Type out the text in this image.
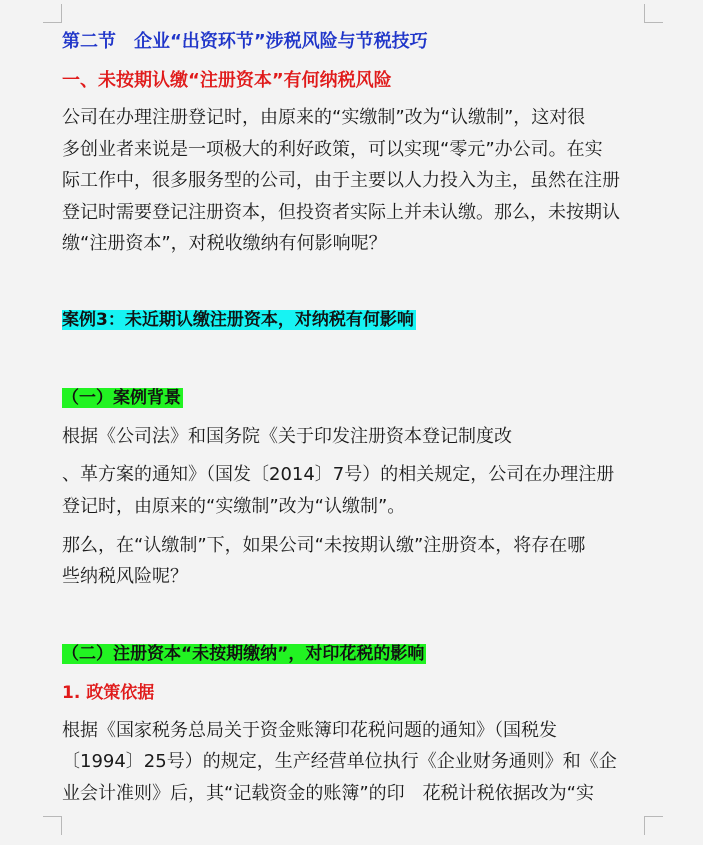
第二节　企业“出资环节”涉税风险与节税技巧
一、未按期认缴“注册资本”有何纳税风险
公司在办理注册登记时，由原来的“实缴制”改为“认缴制”，这对很
多创业者来说是一项极大的利好政策，可以实现“零元”办公司。在实
际工作中，很多服务型的公司，由于主要以人力投入为主，虽然在注册
登记时需要登记注册资本，但投资者实际上并未认缴。那么，未按期认
缴“注册资本”，对税收缴纳有何影响呢？
案例3：未近期认缴注册资本，对纳税有何影响
（一）案例背景
根据《公司法》和国务院《关于印发注册资本登记制度改
、革方案的通知》（国发〔2014〕7号）的相关规定，公司在办理注册
登记时，由原来的“实缴制”改为“认缴制”。
那么，在“认缴制”下，如果公司“未按期认缴”注册资本，将存在哪
些纳税风险呢？
（二）注册资本“未按期缴纳”，对印花税的影响
1. 政策依据
根据《国家税务总局关于资金账簿印花税问题的通知》（国税发
〔1994〕25号）的规定，生产经营单位执行《企业财务通则》和《企
业会计准则》后，其“记载资金的账簿”的印　花税计税依据改为“实
